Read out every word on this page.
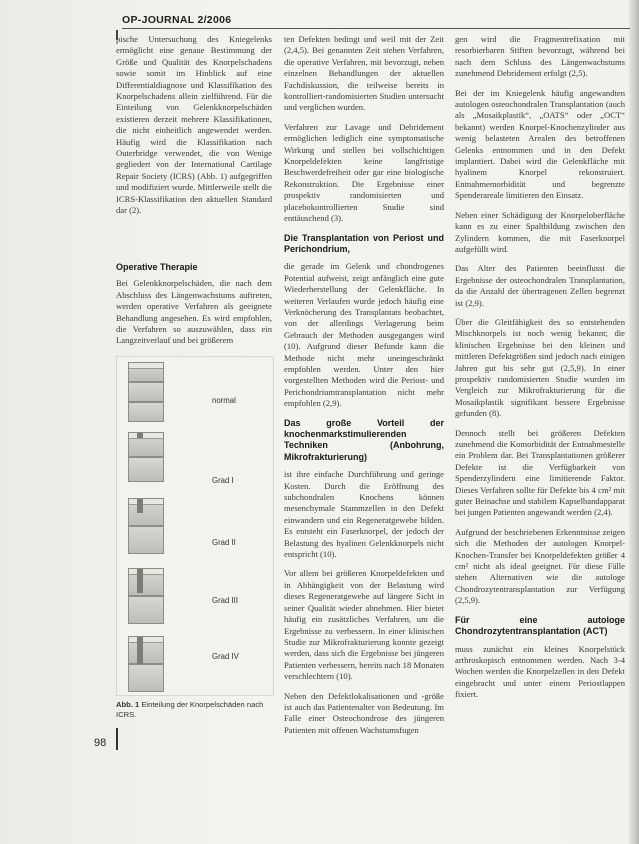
OP-JOURNAL 2/2006

pische Untersuchung des Kniegelenks ermöglicht eine genaue Bestimmung der Größe und Qualität des Knorpelschadens sowie somit im Hinblick auf eine Differentialdiagnose und Klassifikation des Knorpelschadens allein zielführend. Für die Einteilung von Gelenkknorpelschäden existieren derzeit mehrere Klassifikationen, die nicht einheitlich angewendet werden. Häufig wird die Klassifikation nach Outerbridge verwendet, die von Wenige gegliedert von der International Cartilage Repair Society (ICRS) (Abb. 1) aufgegriffen und modifiziert wurde. Mittlerweile stellt die ICRS-Klassifikation den aktuellen Standard dar (2).

Operative Therapie

Bei Gelenkknorpelschäden, die nach dem Abschluss des Längenwachstums auftreten, werden operative Verfahren als geeignete Behandlung angesehen. Es wird empfohlen, die Verfahren so auszuwählen, dass ein Langzeitverlauf und bei größerem

normal
Grad I
Grad II
Grad III
Grad IV
Abb. 1 Einteilung der Knorpelschäden nach ICRS.
98

ten Defekten bedingt und weil mit der Zeit (2,4,5). Bei genannten Zeit stehen Verfahren, die operative Verfahren, mit bevorzugt, neben einzelnen Behandlungen der aktuellen Fachdiskussion, die teilweise bereits in kontrolliert-randomisierten Studien untersucht und verglichen wurden.

Verfahren zur Lavage und Debridement ermöglichen lediglich eine symptomatische Wirkung und stellen bei vollschichtigen Knorpeldefekten keine langfristige Beschwerdefreiheit oder gar eine biologische Rekonstruktion. Die Ergebnisse einer prospektiv randomisierten und placebokontrollierten Studie sind enttäuschend (3).

Die Transplantation von Periost und Perichondrium,

die gerade im Gelenk und chondrogenes Potential aufweist, zeigt anfänglich eine gute Wiederherstellung der Gelenkfläche. In weiteren Verlaufen wurde jedoch häufig eine Verknöcherung des Transplantats beobachtet, von der allerdings Verlagerung beim Gebrauch der Methoden ausgegangen wird (10). Aufgrund dieser Befunde kann die Methode nicht mehr uneingeschränkt empfohlen werden. Unter den hier vorgestellten Methoden wird die Periost- und Perichondriumtransplantation nicht mehr empfohlen (2,9).

Das große Vorteil der knochenmarkstimulierenden Techniken (Anbohrung, Mikrofrakturierung)

ist ihre einfache Durchführung und geringe Kosten. Durch die Eröffnung des subchondralen Knochens können mesenchymale Stammzellen in den Defekt einwandern und ein Regeneratgewebe bilden. Es entsteht ein Faserknorpel, der jedoch der Belastung des hyalinen Gelenkknorpels nicht entspricht (10).

Vor allem bei größeren Knorpeldefekten und in Abhängigkeit von der Belastung wird dieses Regeneratgewebe auf längere Sicht in seiner Qualität wieder abnehmen. Hier bietet häufig ein zusätzliches Verfahren, um die Ergebnisse zu verbessern. In einer klinischen Studie zur Mikrofrakturierung konnte gezeigt werden, dass sich die Ergebnisse bei jüngeren Patienten verbessern, bereits nach 18 Monaten verschlechtern (10).

Neben den Defektlokalisationen und -größe ist auch das Patientenalter von Bedeutung. Im Falle einer Osteochondrose des jüngeren Patienten mit offenen Wachstumsfugen

gen wird die Fragmentrefixation mit resorbierbaren Stiften bevorzugt, während bei nach dem Schluss des Längenwachstums zunehmend Debridement erfolgt (2,5).

Bei der im Kniegelenk häufig angewandten autologen osteochondralen Transplantation (auch als „Mosaikplastik“, „OATS“ oder „OCT“ bekannt) werden Knorpel-Knochenzylinder aus wenig belasteten Arealen des betroffenen Gelenks entnommen und in den Defekt implantiert. Dabei wird die Gelenkfläche mit hyalinem Knorpel rekonstruiert. Entnahmemorbidität und begrenzte Spenderareale limitieren den Einsatz.

Neben einer Schädigung der Knorpeloberfläche kann es zu einer Spaltbildung zwischen den Zylindern kommen, die mit Faserknorpel aufgefüllt wird.

Das Alter des Patienten beeinflusst die Ergebnisse der osteochondralen Transplantation, da die Anzahl der übertragenen Zellen begrenzt ist (2,9).

Über die Gleitfähigkeit des so entstehenden Mischknorpels ist noch wenig bekannt; die klinischen Ergebnisse bei den kleinen und mittleren Defektgrößen sind jedoch nach einigen Jahren gut bis sehr gut (2,5,9). In einer prospektiv randomisierten Studie wurden im Vergleich zur Mikrofrakturierung für die Mosaikplastik signifikant bessere Ergebnisse gefunden (8).

Dennoch stellt bei größeren Defekten zunehmend die Komorbidität der Entnahmestelle ein Problem dar. Bei Transplantationen größerer Defekte ist die Verfügbarkeit von Spenderzylindern eine limitierende Faktor. Dieses Verfahren sollte für Defekte bis 4 cm² mit guter Beinachse und stabilem Kapselbandapparat bei jungen Patienten angewandt werden (2,4).

Aufgrund der beschriebenen Erkenntnisse zeigen sich die Methoden der autologen Knorpel-Knochen-Transfer bei Knorpeldefekten größer 4 cm² nicht als ideal geeignet. Für diese Fälle stehen Alternativen wie die autologe Chondrozytentransplantation zur Verfügung (2,5,9).

Für eine autologe Chondrozytentransplantation (ACT)

muss zunächst ein kleines Knorpelstück arthroskopisch entnommen werden. Nach 3-4 Wochen werden die Knorpelzellen in den Defekt eingebracht und unter einem Periostlappen fixiert.
